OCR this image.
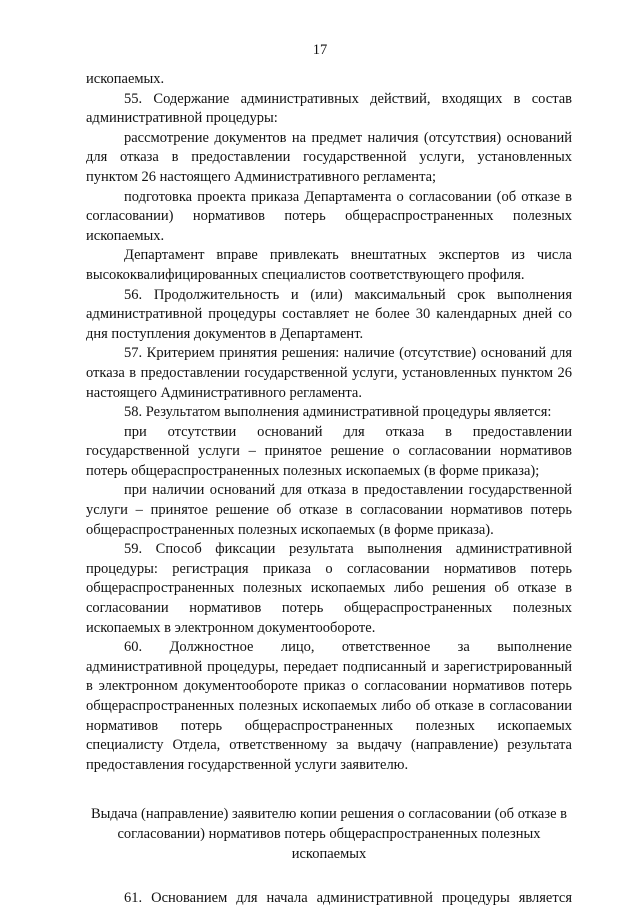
17

ископаемых.

55. Содержание административных действий, входящих в состав административной процедуры:

рассмотрение документов на предмет наличия (отсутствия) оснований для отказа в предоставлении государственной услуги, установленных пунктом 26 настоящего Административного регламента;

подготовка проекта приказа Департамента о согласовании (об отказе в согласовании) нормативов потерь общераспространенных полезных ископаемых.

Департамент вправе привлекать внештатных экспертов из числа высококвалифицированных специалистов соответствующего профиля.

56. Продолжительность и (или) максимальный срок выполнения административной процедуры составляет не более 30 календарных дней со дня поступления документов в Департамент.

57. Критерием принятия решения: наличие (отсутствие) оснований для отказа в предоставлении государственной услуги, установленных пунктом 26 настоящего Административного регламента.

58. Результатом выполнения административной процедуры является:

при отсутствии оснований для отказа в предоставлении государственной услуги – принятое решение о согласовании нормативов потерь общераспространенных полезных ископаемых (в форме приказа);

при наличии оснований для отказа в предоставлении государственной услуги – принятое решение об отказе в согласовании нормативов потерь общераспространенных полезных ископаемых (в форме приказа).

59. Способ фиксации результата выполнения административной процедуры: регистрация приказа о согласовании нормативов потерь общераспространенных полезных ископаемых либо решения об отказе в согласовании нормативов потерь общераспространенных полезных ископаемых в электронном документообороте.

60. Должностное лицо, ответственное за выполнение административной процедуры, передает подписанный и зарегистрированный в электронном документообороте приказ о согласовании нормативов потерь общераспространенных полезных ископаемых либо об отказе в согласовании нормативов потерь общераспространенных полезных ископаемых специалисту Отдела, ответственному за выдачу (направление) результата предоставления государственной услуги заявителю.

Выдача (направление) заявителю копии решения о согласовании (об отказе в согласовании) нормативов потерь общераспространенных полезных ископаемых

61. Основанием для начала административной процедуры является
